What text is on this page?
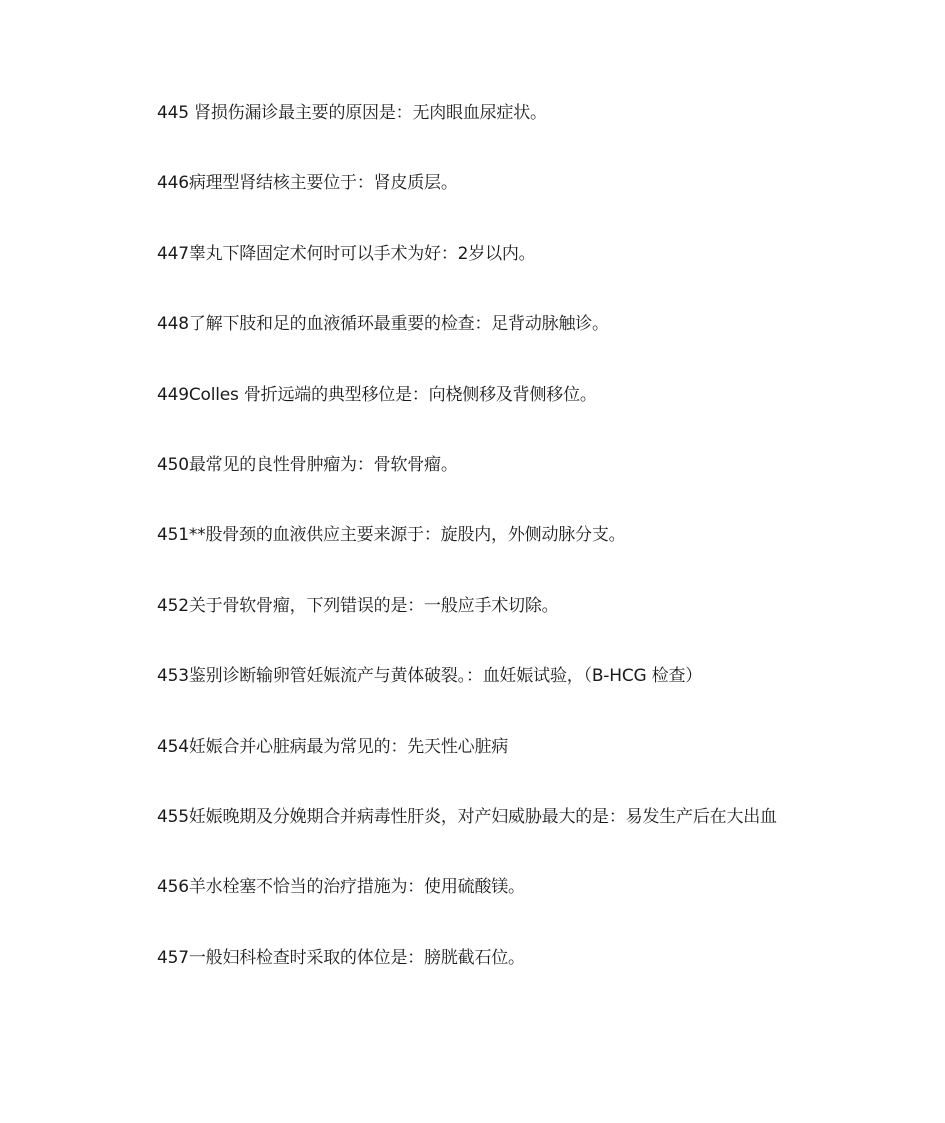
445 肾损伤漏诊最主要的原因是：无肉眼血尿症状。
446病理型肾结核主要位于：肾皮质层。
447睾丸下降固定术何时可以手术为好：2岁以内。
448了解下肢和足的血液循环最重要的检查：足背动脉触诊。
449Colles 骨折远端的典型移位是：向桡侧移及背侧移位。
450最常见的良性骨肿瘤为：骨软骨瘤。
451**股骨颈的血液供应主要来源于：旋股内，外侧动脉分支。
452关于骨软骨瘤，下列错误的是：一般应手术切除。
453鉴别诊断输卵管妊娠流产与黄体破裂。：血妊娠试验，（B-HCG 检查）
454妊娠合并心脏病最为常见的：先天性心脏病
455妊娠晚期及分娩期合并病毒性肝炎，对产妇威胁最大的是：易发生产后在大出血
456羊水栓塞不恰当的治疗措施为：使用硫酸镁。
457一般妇科检查时采取的体位是：膀胱截石位。
